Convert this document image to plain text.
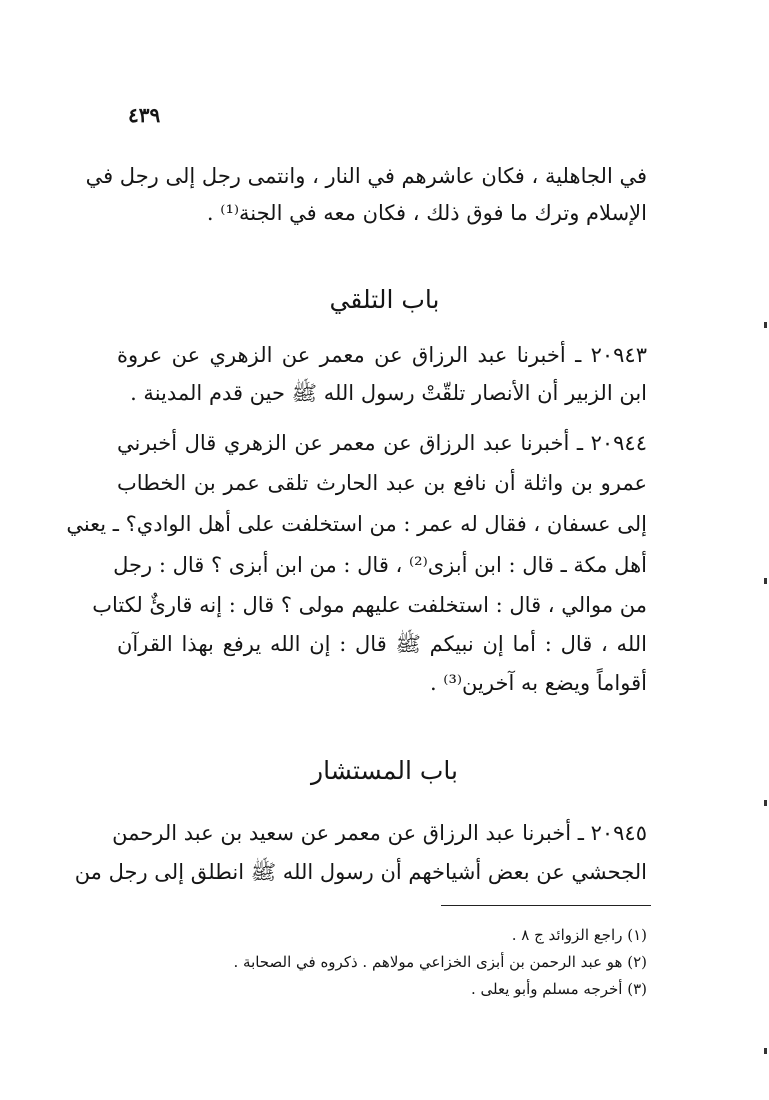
٤٣٩
في الجاهلية ، فكان عاشرهم في النار ، وانتمى رجل إلى رجل في
الإسلام وترك ما فوق ذلك ، فكان معه في الجنة⁽¹⁾ .
باب التلقي
٢٠٩٤٣ ـ أخبرنا عبد الرزاق عن معمر عن الزهري عن عروة
ابن الزبير أن الأنصار تلقّتْ رسول الله ﷺ حين قدم المدينة .
٢٠٩٤٤ ـ أخبرنا عبد الرزاق عن معمر عن الزهري قال أخبرني
عمرو بن واثلة أن نافع بن عبد الحارث تلقى عمر بن الخطاب
إلى عسفان ، فقال له عمر : من استخلفت على أهل الوادي؟ ـ يعني
أهل مكة ـ قال : ابن أبزى⁽²⁾ ، قال : من ابن أبزى ؟ قال : رجل
من موالي ، قال : استخلفت عليهم مولى ؟ قال : إنه قارئٌ لكتاب
الله ، قال : أما إن نبيكم ﷺ قال : إن الله يرفع بهذا القرآن
أقواماً ويضع به آخرين⁽³⁾ .
باب المستشار
٢٠٩٤٥ ـ أخبرنا عبد الرزاق عن معمر عن سعيد بن عبد الرحمن
الجحشي عن بعض أشياخهم أن رسول الله ﷺ انطلق إلى رجل من
(١) راجع الزوائد ج ٨ .
(٢) هو عبد الرحمن بن أبزى الخزاعي مولاهم . ذكروه في الصحابة .
(٣) أخرجه مسلم وأبو يعلى .
